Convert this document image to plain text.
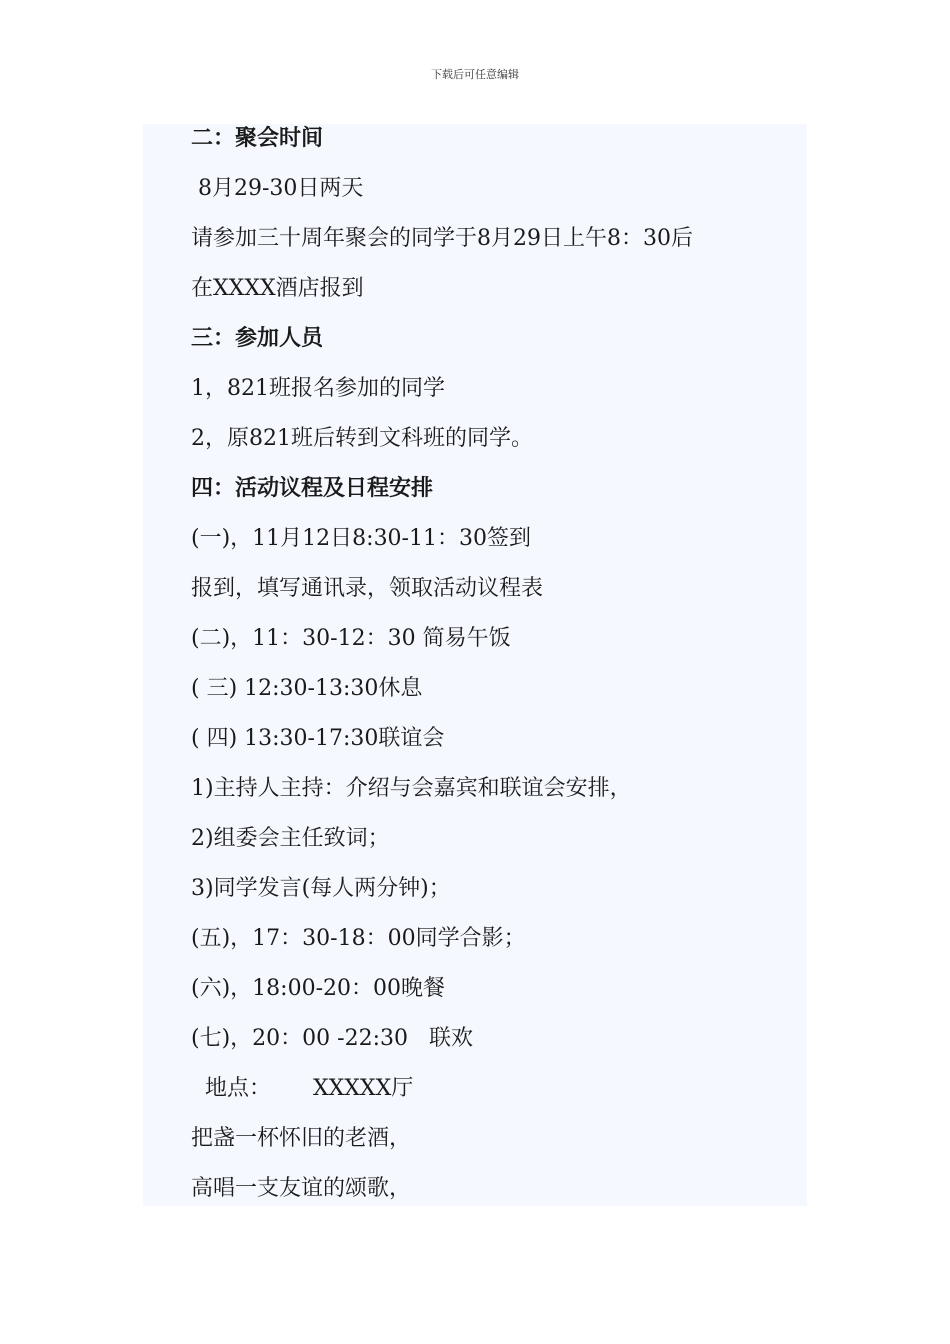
下载后可任意编辑
二：聚会时间
8月29-30日两天
请参加三十周年聚会的同学于8月29日上午8：30后
在XXXX酒店报到
三：参加人员
1，821班报名参加的同学
2，原821班后转到文科班的同学。
四：活动议程及日程安排
(一)，11月12日8:30-11：30签到
报到，填写通讯录，领取活动议程表
(二)，11：30-12：30 简易午饭
( 三) 12:30-13:30休息
( 四) 13:30-17:30联谊会
1)主持人主持：介绍与会嘉宾和联谊会安排，
2)组委会主任致词；
3)同学发言(每人两分钟)；
(五)，17：30-18：00同学合影；
(六)，18:00-20：00晚餐
(七)，20：00 -22:30   联欢
地点：      XXXXX厅
把盏一杯怀旧的老酒，
高唱一支友谊的颂歌，
